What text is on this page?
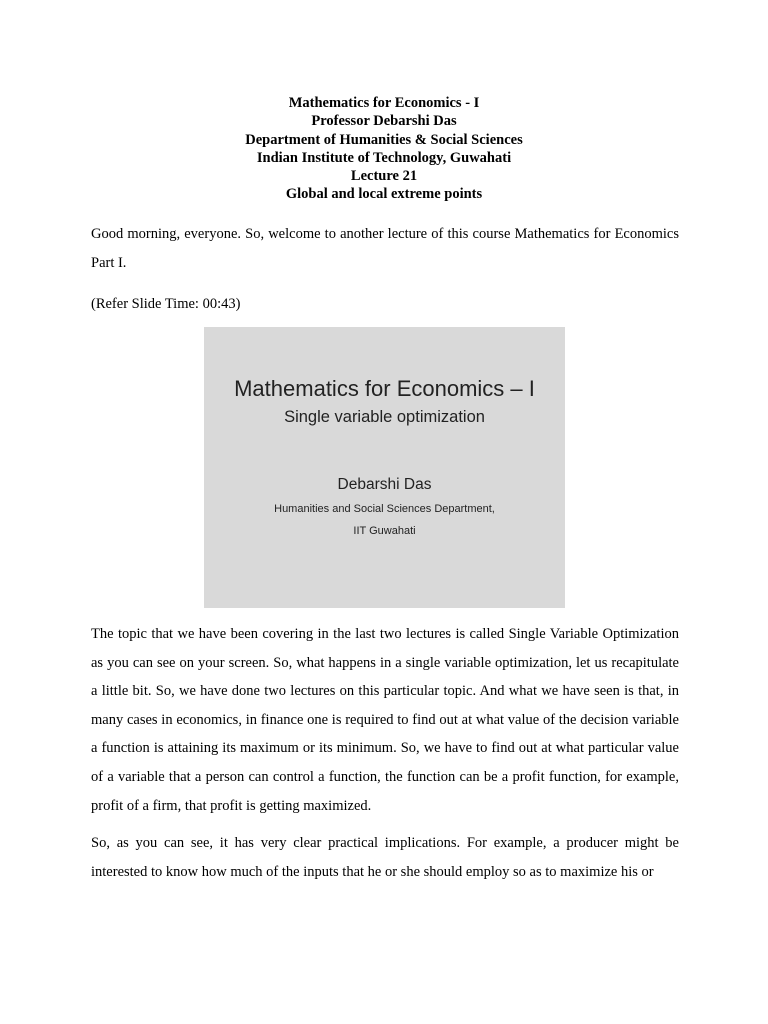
Mathematics for Economics - I
Professor Debarshi Das
Department of Humanities & Social Sciences
Indian Institute of Technology, Guwahati
Lecture 21
Global and local extreme points

Good morning, everyone. So, welcome to another lecture of this course Mathematics for Economics Part I.

(Refer Slide Time: 00:43)

Mathematics for Economics – I
Single variable optimization
Debarshi Das
Humanities and Social Sciences Department,
IIT Guwahati

The topic that we have been covering in the last two lectures is called Single Variable Optimization as you can see on your screen. So, what happens in a single variable optimization, let us recapitulate a little bit. So, we have done two lectures on this particular topic. And what we have seen is that, in many cases in economics, in finance one is required to find out at what value of the decision variable a function is attaining its maximum or its minimum. So, we have to find out at what particular value of a variable that a person can control a function, the function can be a profit function, for example, profit of a firm, that profit is getting maximized.

So, as you can see, it has very clear practical implications. For example, a producer might be interested to know how much of the inputs that he or she should employ so as to maximize his or
